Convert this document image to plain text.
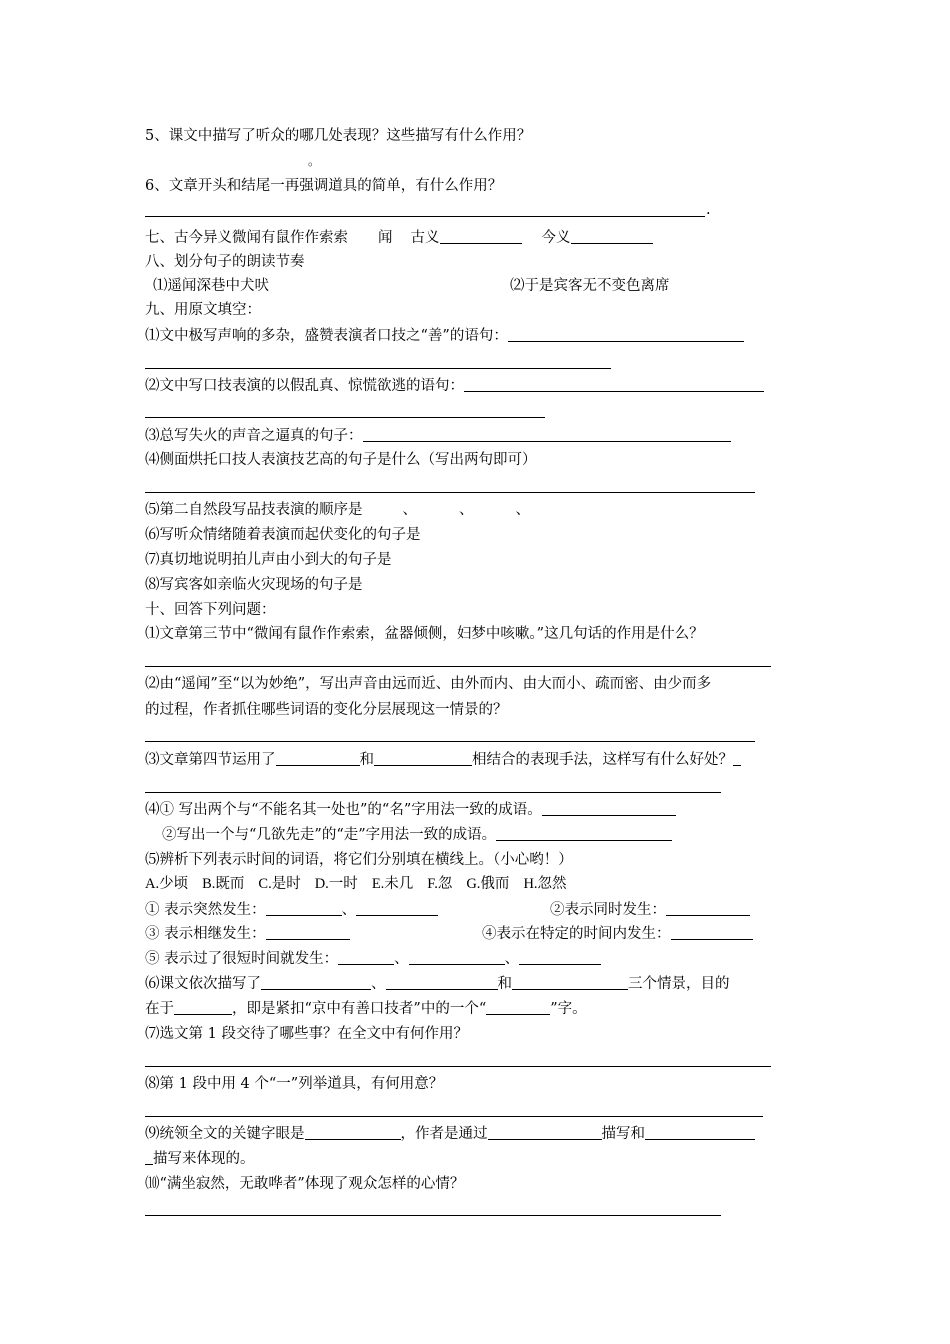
5、课文中描写了听众的哪几处表现？这些描写有什么作用？
。
6、文章开头和结尾一再强调道具的简单，有什么作用？
.
七、古今异义微闻有鼠作作索索 闻 古义	今义
八、划分句子的朗读节奏
⑴遥闻深巷中犬吠	⑵于是宾客无不变色离席
九、用原文填空：
⑴文中极写声响的多杂，盛赞表演者口技之“善”的语句：
⑵文中写口技表演的以假乱真、惊慌欲逃的语句：
⑶总写失火的声音之逼真的句子：
⑷侧面烘托口技人表演技艺高的句子是什么（写出两句即可）
⑸第二自然段写品技表演的顺序是	、	、	、
⑹写听众情绪随着表演而起伏变化的句子是
⑺真切地说明拍儿声由小到大的句子是
⑻写宾客如亲临火灾现场的句子是
十、回答下列问题：
⑴文章第三节中“微闻有鼠作作索索，盆器倾侧，妇梦中咳嗽。”这几句话的作用是什么？
⑵由“遥闻”至“以为妙绝”，写出声音由远而近、由外而内、由大而小、疏而密、由少而多
的过程，作者抓住哪些词语的变化分层展现这一情景的？
⑶文章第四节运用了	和	相结合的表现手法，这样写有什么好处？
⑷① 写出两个与“不能名其一处也”的“名”字用法一致的成语。
②写出一个与“几欲先走”的“走”字用法一致的成语。
⑸辨析下列表示时间的词语，将它们分别填在横线上。（小心哟！）
A.少顷 B.既而 C.是时 D.一时 E.未几 F.忽 G.俄而 H.忽然
① 表示突然发生：	、	②表示同时发生：
③ 表示相继发生：	④表示在特定的时间内发生：
⑤ 表示过了很短时间就发生：	、	、
⑹课文依次描写了	、	和	三个情景，目的
在于	，即是紧扣“京中有善口技者”中的一个“	”字。
⑺选文第 1 段交待了哪些事？在全文中有何作用？
⑻第 1 段中用 4 个“一”列举道具，有何用意？
⑼统领全文的关键字眼是	，作者是通过	描写和
描写来体现的。
⑽“满坐寂然，无敢哗者”体现了观众怎样的心情？
